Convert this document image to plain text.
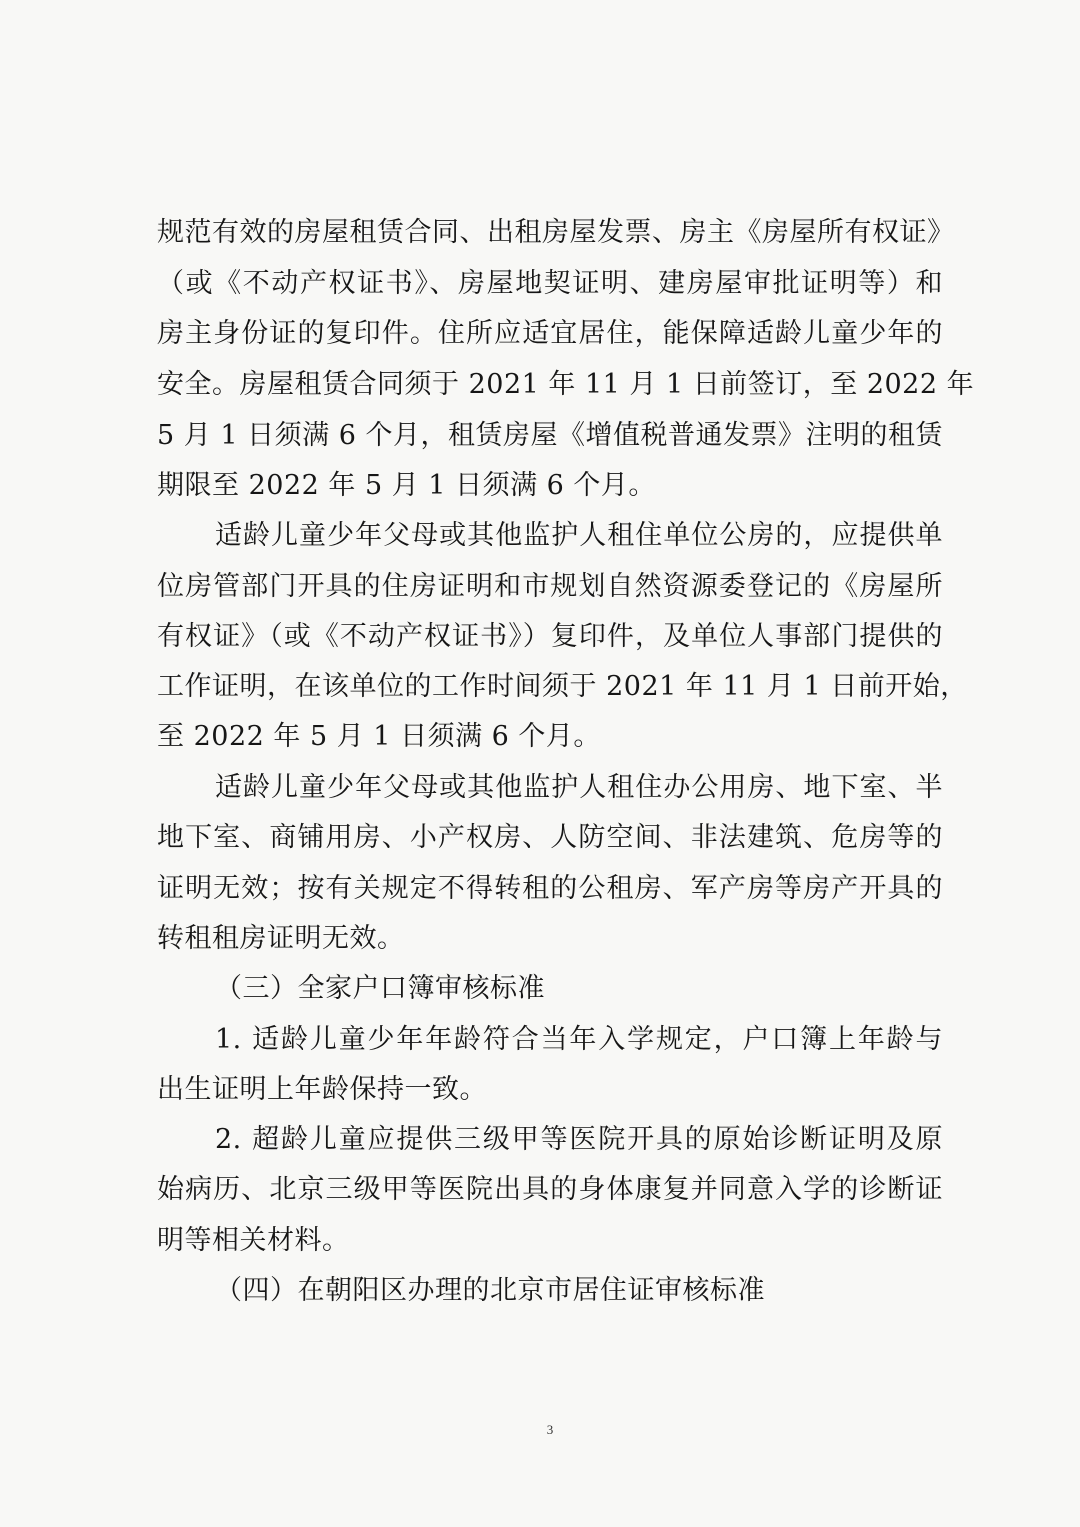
规范有效的房屋租赁合同、出租房屋发票、房主《房屋所有权证》
（或《不动产权证书》、房屋地契证明、建房屋审批证明等）和
房主身份证的复印件。住所应适宜居住，能保障适龄儿童少年的
安全。房屋租赁合同须于 2021 年 11 月 1 日前签订，至 2022 年
5 月 1 日须满 6 个月，租赁房屋《增值税普通发票》注明的租赁
期限至 2022 年 5 月 1 日须满 6 个月。
适龄儿童少年父母或其他监护人租住单位公房的，应提供单
位房管部门开具的住房证明和市规划自然资源委登记的《房屋所
有权证》（或《不动产权证书》）复印件，及单位人事部门提供的
工作证明，在该单位的工作时间须于 2021 年 11 月 1 日前开始，
至 2022 年 5 月 1 日须满 6 个月。
适龄儿童少年父母或其他监护人租住办公用房、地下室、半
地下室、商铺用房、小产权房、人防空间、非法建筑、危房等的
证明无效；按有关规定不得转租的公租房、军产房等房产开具的
转租租房证明无效。
（三）全家户口簿审核标准
1. 适龄儿童少年年龄符合当年入学规定，户口簿上年龄与
出生证明上年龄保持一致。
2. 超龄儿童应提供三级甲等医院开具的原始诊断证明及原
始病历、北京三级甲等医院出具的身体康复并同意入学的诊断证
明等相关材料。
（四）在朝阳区办理的北京市居住证审核标准
3
